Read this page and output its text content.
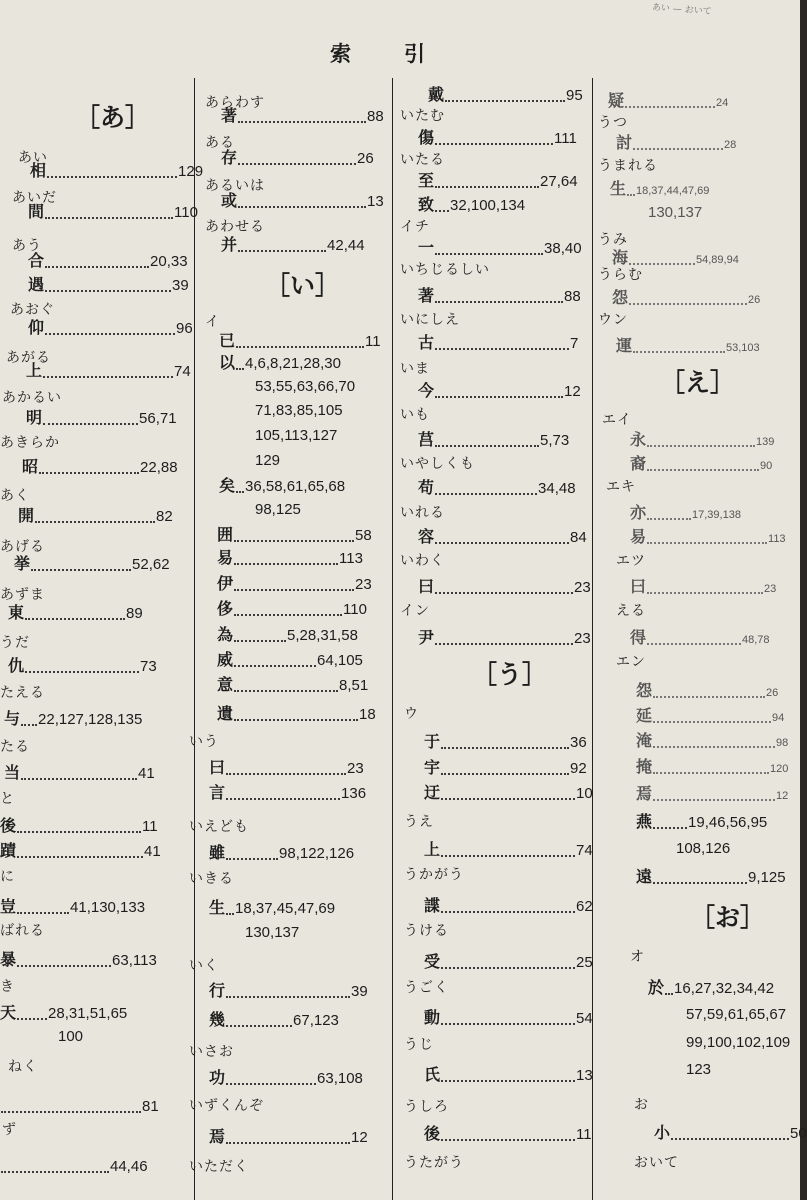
あい — おいて
索 引
［あ］
あい
相	129
あいだ
間	110
あう
合	20,33
遇	39
あおぐ
仰	96
あがる
上	74
あかるい
明	56,71
あきらか
昭	22,88
あく
開	82
あげる
挙	52,62
あずま
東	89
うだ
仇	73
たえる
与 22,127,128,135
たる
当	41
と
後	11
蹟	41
に
豈	41,130,133
ばれる
暴	63,113
き
天 28,31,51,65
100
ねく
81
ず
44,46
あらわす
著	88
ある
存	26
あるいは
或	13
あわせる
并	42,44
［い］
イ
已	11
以 4,6,8,21,28,30
53,55,63,66,70
71,83,85,105
105,113,127
129
矣 36,58,61,65,68
98,125
囲	58
易	113
伊	23
侈	110
為	5,28,31,58
威	64,105
意	8,51
遺	18
いう
曰	23
言	136
いえども
雖	98,122,126
いきる
生 18,37,45,47,69
130,137
いく
行	39
幾	67,123
いさお
功	63,108
いずくんぞ
焉	12
いただく
戴	95
いたむ
傷	111
いたる
至	27,64
致 32,100,134
イチ
一	38,40
いちじるしい
著	88
いにしえ
古	7
いま
今	12
いも
莒	5,73
いやしくも
苟	34,48
いれる
容	84
いわく
曰	23
イン
尹	23
［う］
ウ
于	36
宇	92
迂	10
うえ
上	74
うかがう
諜	62
うける
受	25
うごく
動	54
うじ
氏	13
うしろ
後	11
うたがう
疑	24
うつ
討	28
うまれる
生 18,37,44,47,69
130,137
うみ
海	54,89,94
うらむ
怨	26
ウン
運	53,103
［え］
エイ
永	139
裔	90
エキ
亦	17,39,138
易	113
エツ
曰	23
える
得	48,78
エン
怨	26
延	94
淹	98
掩	120
焉	12
燕 19,46,56,95
108,126
遠	9,125
［お］
オ
於 16,27,32,34,42
57,59,61,65,67
99,100,102,109
123
お
小	50
おいて
